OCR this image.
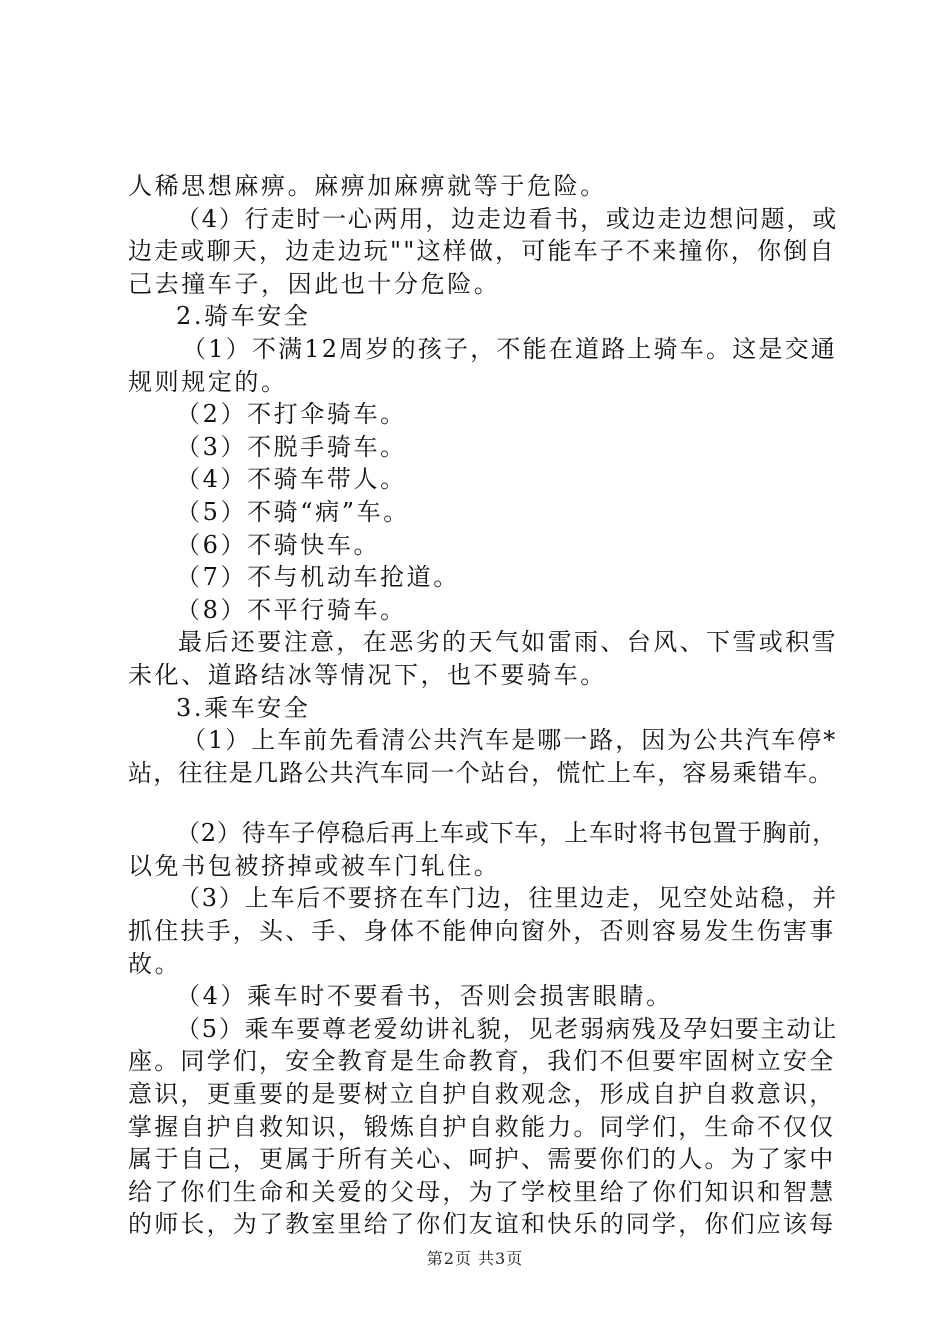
人稀思想麻痹。麻痹加麻痹就等于危险。
（4）行走时一心两用，边走边看书，或边走边想问题，或
边走或聊天，边走边玩""这样做，可能车子不来撞你，你倒自
己去撞车子，因此也十分危险。
2.骑车安全
（1）不满12周岁的孩子，不能在道路上骑车。这是交通
规则规定的。
（2）不打伞骑车。
（3）不脱手骑车。
（4）不骑车带人。
（5）不骑“病”车。
（6）不骑快车。
（7）不与机动车抢道。
（8）不平行骑车。
最后还要注意，在恶劣的天气如雷雨、台风、下雪或积雪
未化、道路结冰等情况下，也不要骑车。
3.乘车安全
（1）上车前先看清公共汽车是哪一路，因为公共汽车停*
站，往往是几路公共汽车同一个站台，慌忙上车，容易乘错车。
（2）待车子停稳后再上车或下车，上车时将书包置于胸前，
以免书包被挤掉或被车门轧住。
（3）上车后不要挤在车门边，往里边走，见空处站稳，并
抓住扶手，头、手、身体不能伸向窗外，否则容易发生伤害事
故。
（4）乘车时不要看书，否则会损害眼睛。
（5）乘车要尊老爱幼讲礼貌，见老弱病残及孕妇要主动让
座。同学们，安全教育是生命教育，我们不但要牢固树立安全
意识，更重要的是要树立自护自救观念，形成自护自救意识，
掌握自护自救知识，锻炼自护自救能力。同学们，生命不仅仅
属于自己，更属于所有关心、呵护、需要你们的人。为了家中
给了你们生命和关爱的父母，为了学校里给了你们知识和智慧
的师长，为了教室里给了你们友谊和快乐的同学，你们应该每
第2页 共3页
